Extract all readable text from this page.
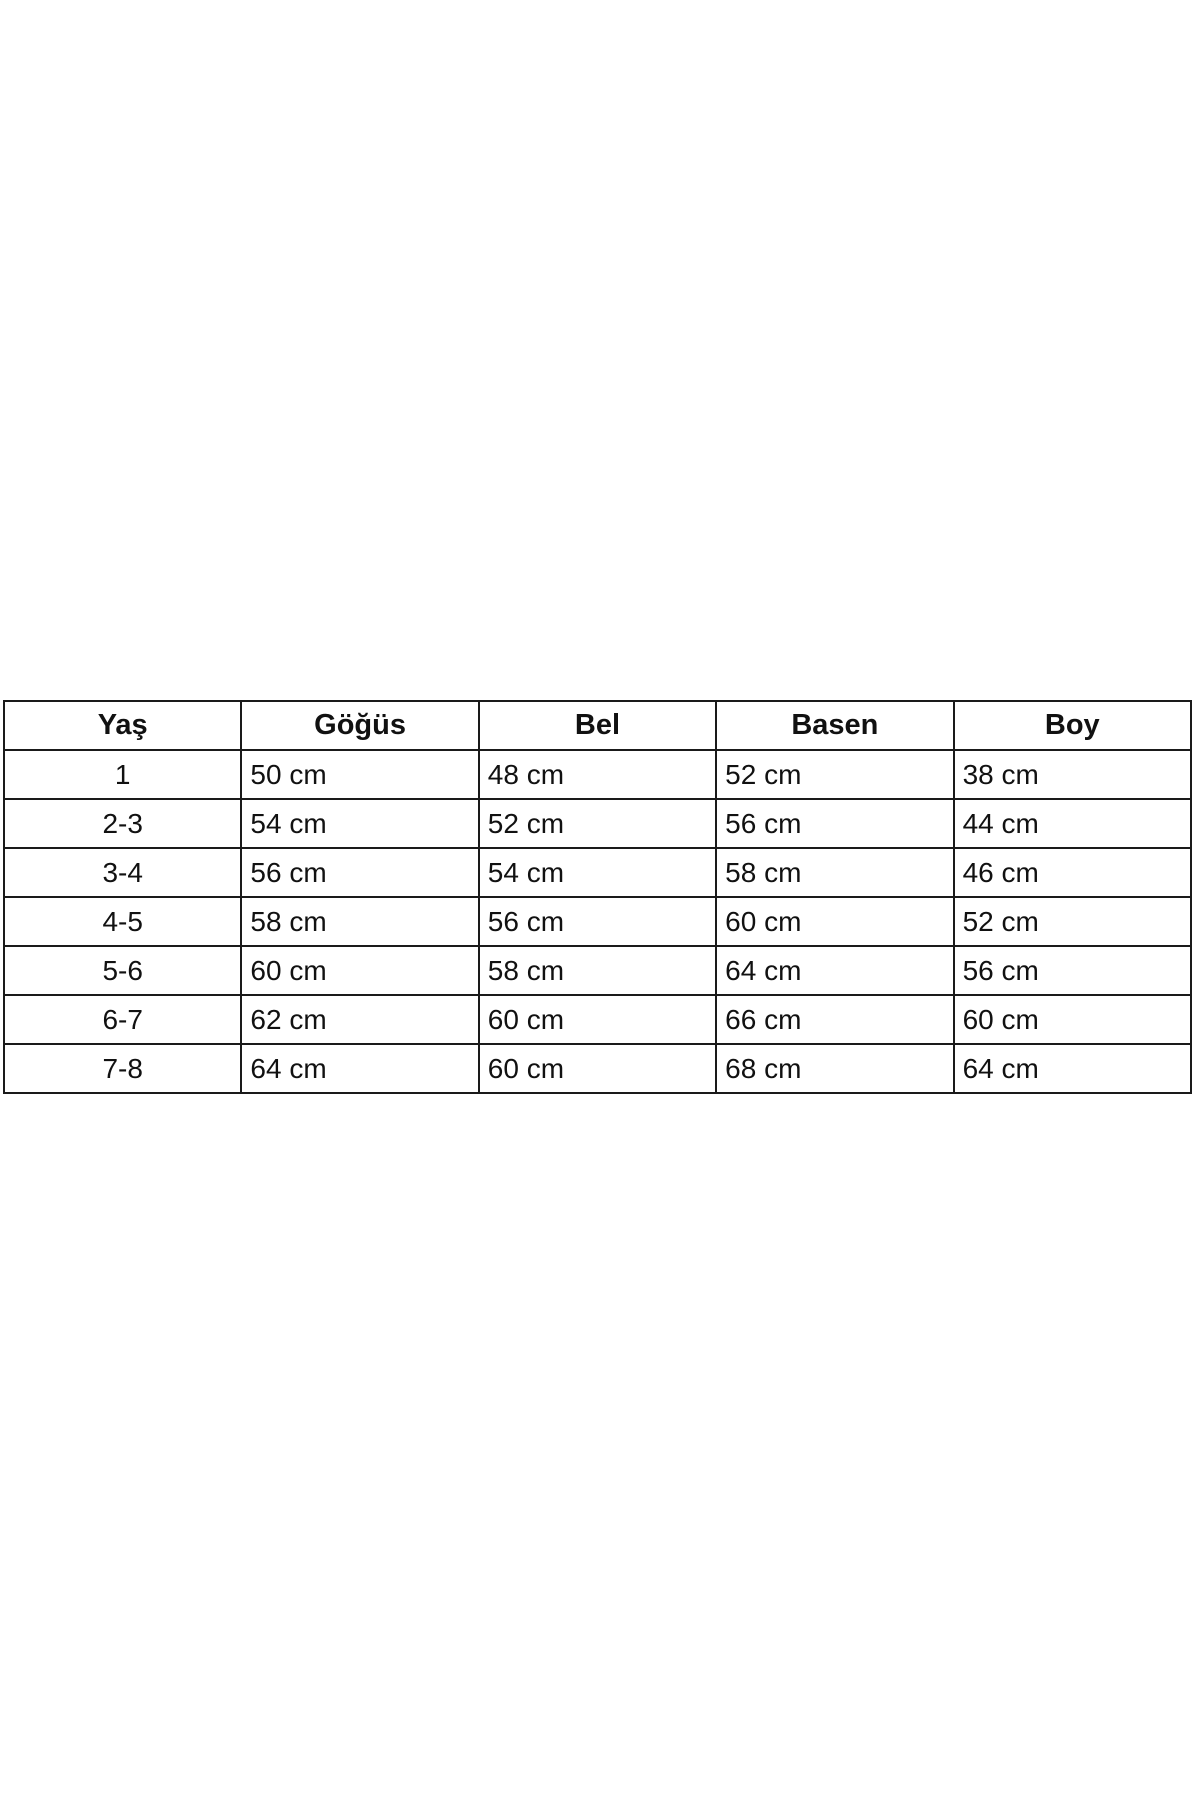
Yaş	Göğüs	Bel	Basen	Boy
1	50 cm	48 cm	52 cm	38 cm
2-3	54 cm	52 cm	56 cm	44 cm
3-4	56 cm	54 cm	58 cm	46 cm
4-5	58 cm	56 cm	60 cm	52 cm
5-6	60 cm	58 cm	64 cm	56 cm
6-7	62 cm	60 cm	66 cm	60 cm
7-8	64 cm	60 cm	68 cm	64 cm
